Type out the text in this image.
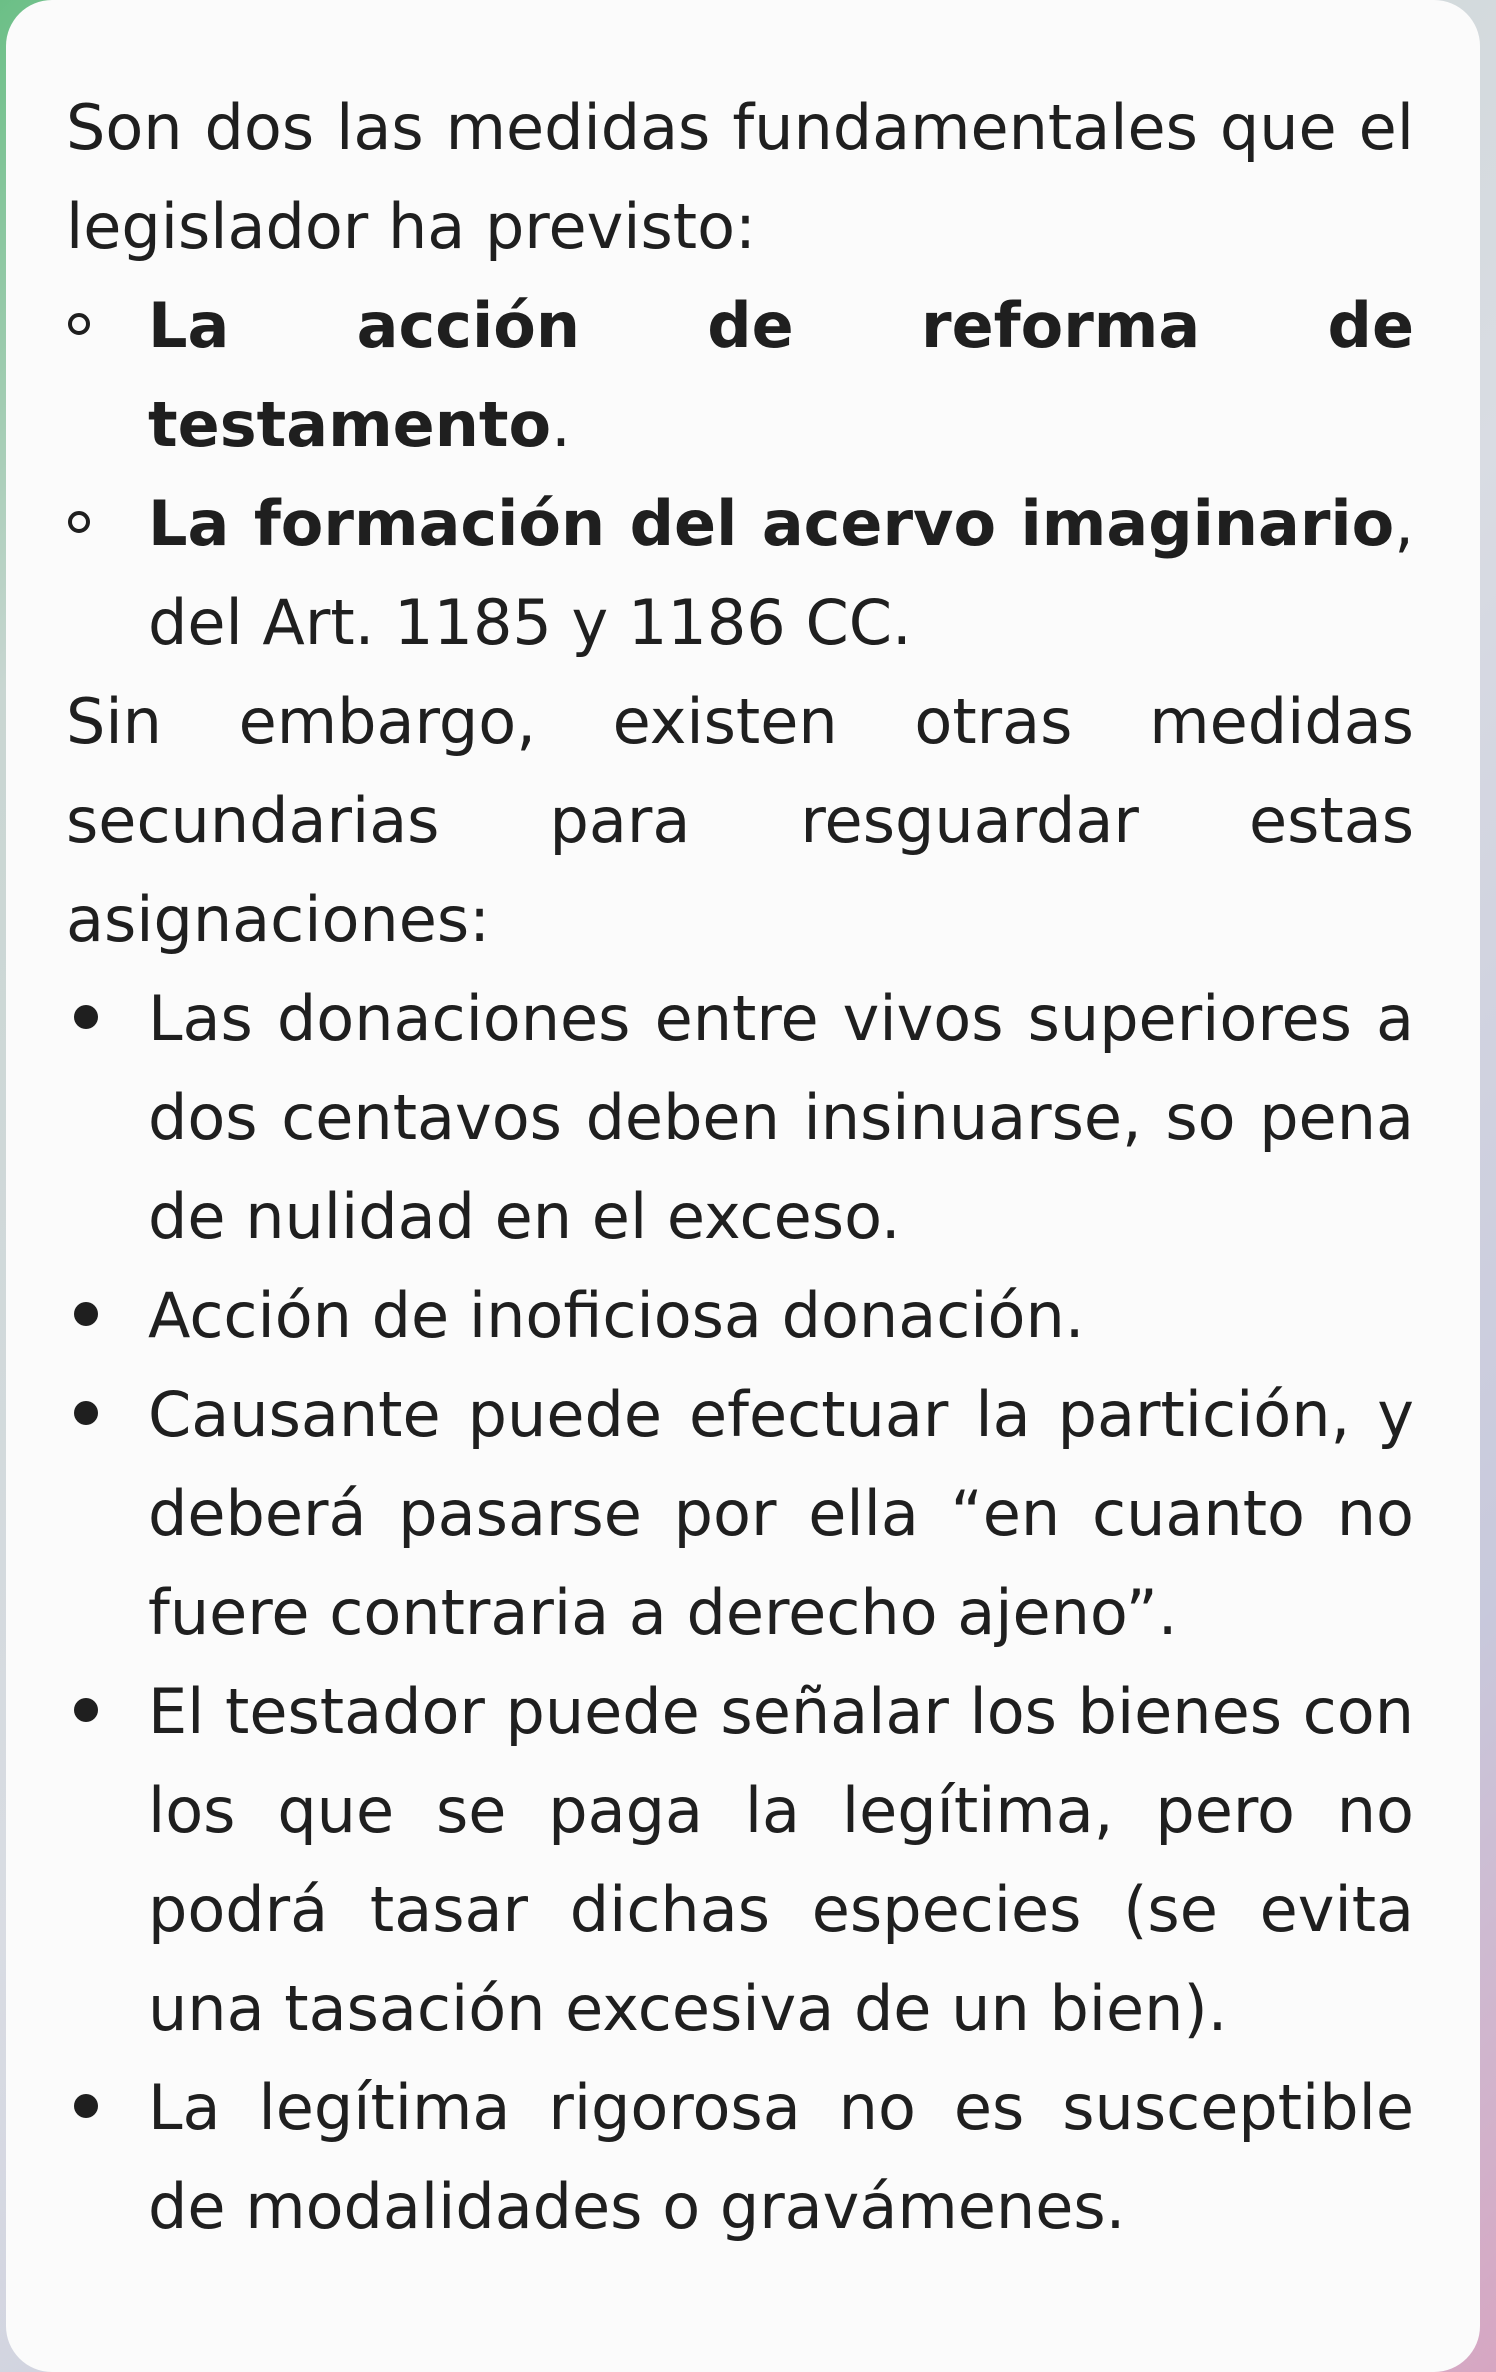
Son dos las medidas fundamentales que el legislador ha previsto:

La acción de reforma de testamento.
La formación del acervo imaginario, del Art. 1185 y 1186 CC.

Sin embargo, existen otras medidas secundarias para resguardar estas asignaciones:

Las donaciones entre vivos superiores a dos centavos deben insinuarse, so pena de nulidad en el exceso.
Acción de inoficiosa donación.
Causante puede efectuar la partición, y deberá pasarse por ella “en cuanto no fuere contraria a derecho ajeno”.
El testador puede señalar los bienes con los que se paga la legítima, pero no podrá tasar dichas especies (se evita una tasación excesiva de un bien).
La legítima rigorosa no es susceptible de modalidades o gravámenes.
